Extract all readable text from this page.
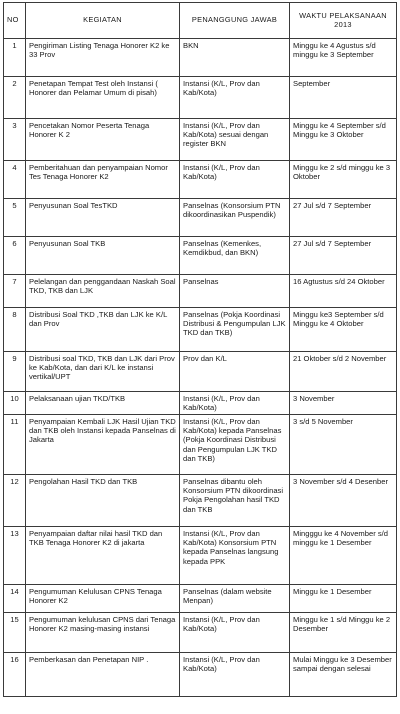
NO	KEGIATAN	PENANGGUNG JAWAB	WAKTU PELAKSANAAN 2013
1	Pengiriman Listing Tenaga Honorer K2 ke 33 Prov	BKN	Minggu ke 4 Agustus s/d minggu ke 3 September
2	Penetapan Tempat Test oleh Instansi ( Honorer dan Pelamar Umum di pisah)	Instansi (K/L, Prov dan Kab/Kota)	September
3	Pencetakan Nomor Peserta Tenaga Honorer K 2	Instansi (K/L, Prov dan Kab/Kota) sesuai dengan register BKN	Minggu ke 4 September s/d Minggu ke 3 Oktober
4	Pemberitahuan dan penyampaian Nomor Tes Tenaga Honorer K2	Instansi (K/L, Prov dan Kab/Kota)	Minggu ke 2 s/d minggu ke 3 Oktober
5	Penyusunan Soal TesTKD	Panselnas (Konsorsium PTN dikoordinasikan Puspendik)	27 Jul s/d 7 September
6	Penyusunan Soal TKB	Panselnas (Kemenkes, Kemdikbud, dan BKN)	27 Jul s/d 7 September
7	Pelelangan dan penggandaan Naskah Soal TKD, TKB dan LJK	Panselnas	16 Agtustus s/d 24 Oktober
8	Distribusi Soal TKD ,TKB dan LJK ke K/L dan Prov	Panselnas (Pokja Koordinasi Distribusi & Pengumpulan LJK TKD dan TKB)	Minggu ke3 September s/d Minggu ke 4 Oktober
9	Distribusi soal TKD, TKB dan LJK dari Prov ke Kab/Kota, dan dari K/L ke instansi vertikal/UPT	Prov dan K/L	21 Oktober s/d 2 November
10	Pelaksanaan ujian TKD/TKB	Instansi (K/L, Prov dan Kab/Kota)	3 November
11	Penyampaian Kembali LJK Hasil Ujian TKD dan TKB oleh Instansi kepada Panselnas di Jakarta	Instansi (K/L, Prov dan Kab/Kota) kepada Panselnas (Pokja Koordinasi Distribusi dan Pengumpulan LJK TKD dan TKB)	3 s/d 5 November
12	Pengolahan Hasil TKD dan TKB	Panselnas dibantu oleh Konsorsium PTN dikoordinasi Pokja Pengolahan hasil TKD dan TKB	3 November s/d 4 Desenber
13	Penyampaian daftar nilai hasil TKD dan TKB Tenaga Honorer K2 di jakarta	Instansi (K/L, Prov dan Kab/Kota) Konsorsium PTN kepada Panselnas langsung kepada PPK	Mingggu ke 4 November s/d minggu ke 1 Desember
14	Pengumuman Kelulusan CPNS Tenaga Honorer K2	Panselnas (dalam website Menpan)	Minggu ke 1 Desember
15	Pengumuman kelulusan CPNS dari Tenaga Honorer K2 masing-masing instansi	Instansi (K/L, Prov dan Kab/Kota)	Minggu ke 1 s/d Minggu ke 2 Desember
16	Pemberkasan dan Penetapan NIP .	Instansi (K/L, Prov dan Kab/Kota)	Mulai Minggu ke 3 Desember sampai dengan selesai
